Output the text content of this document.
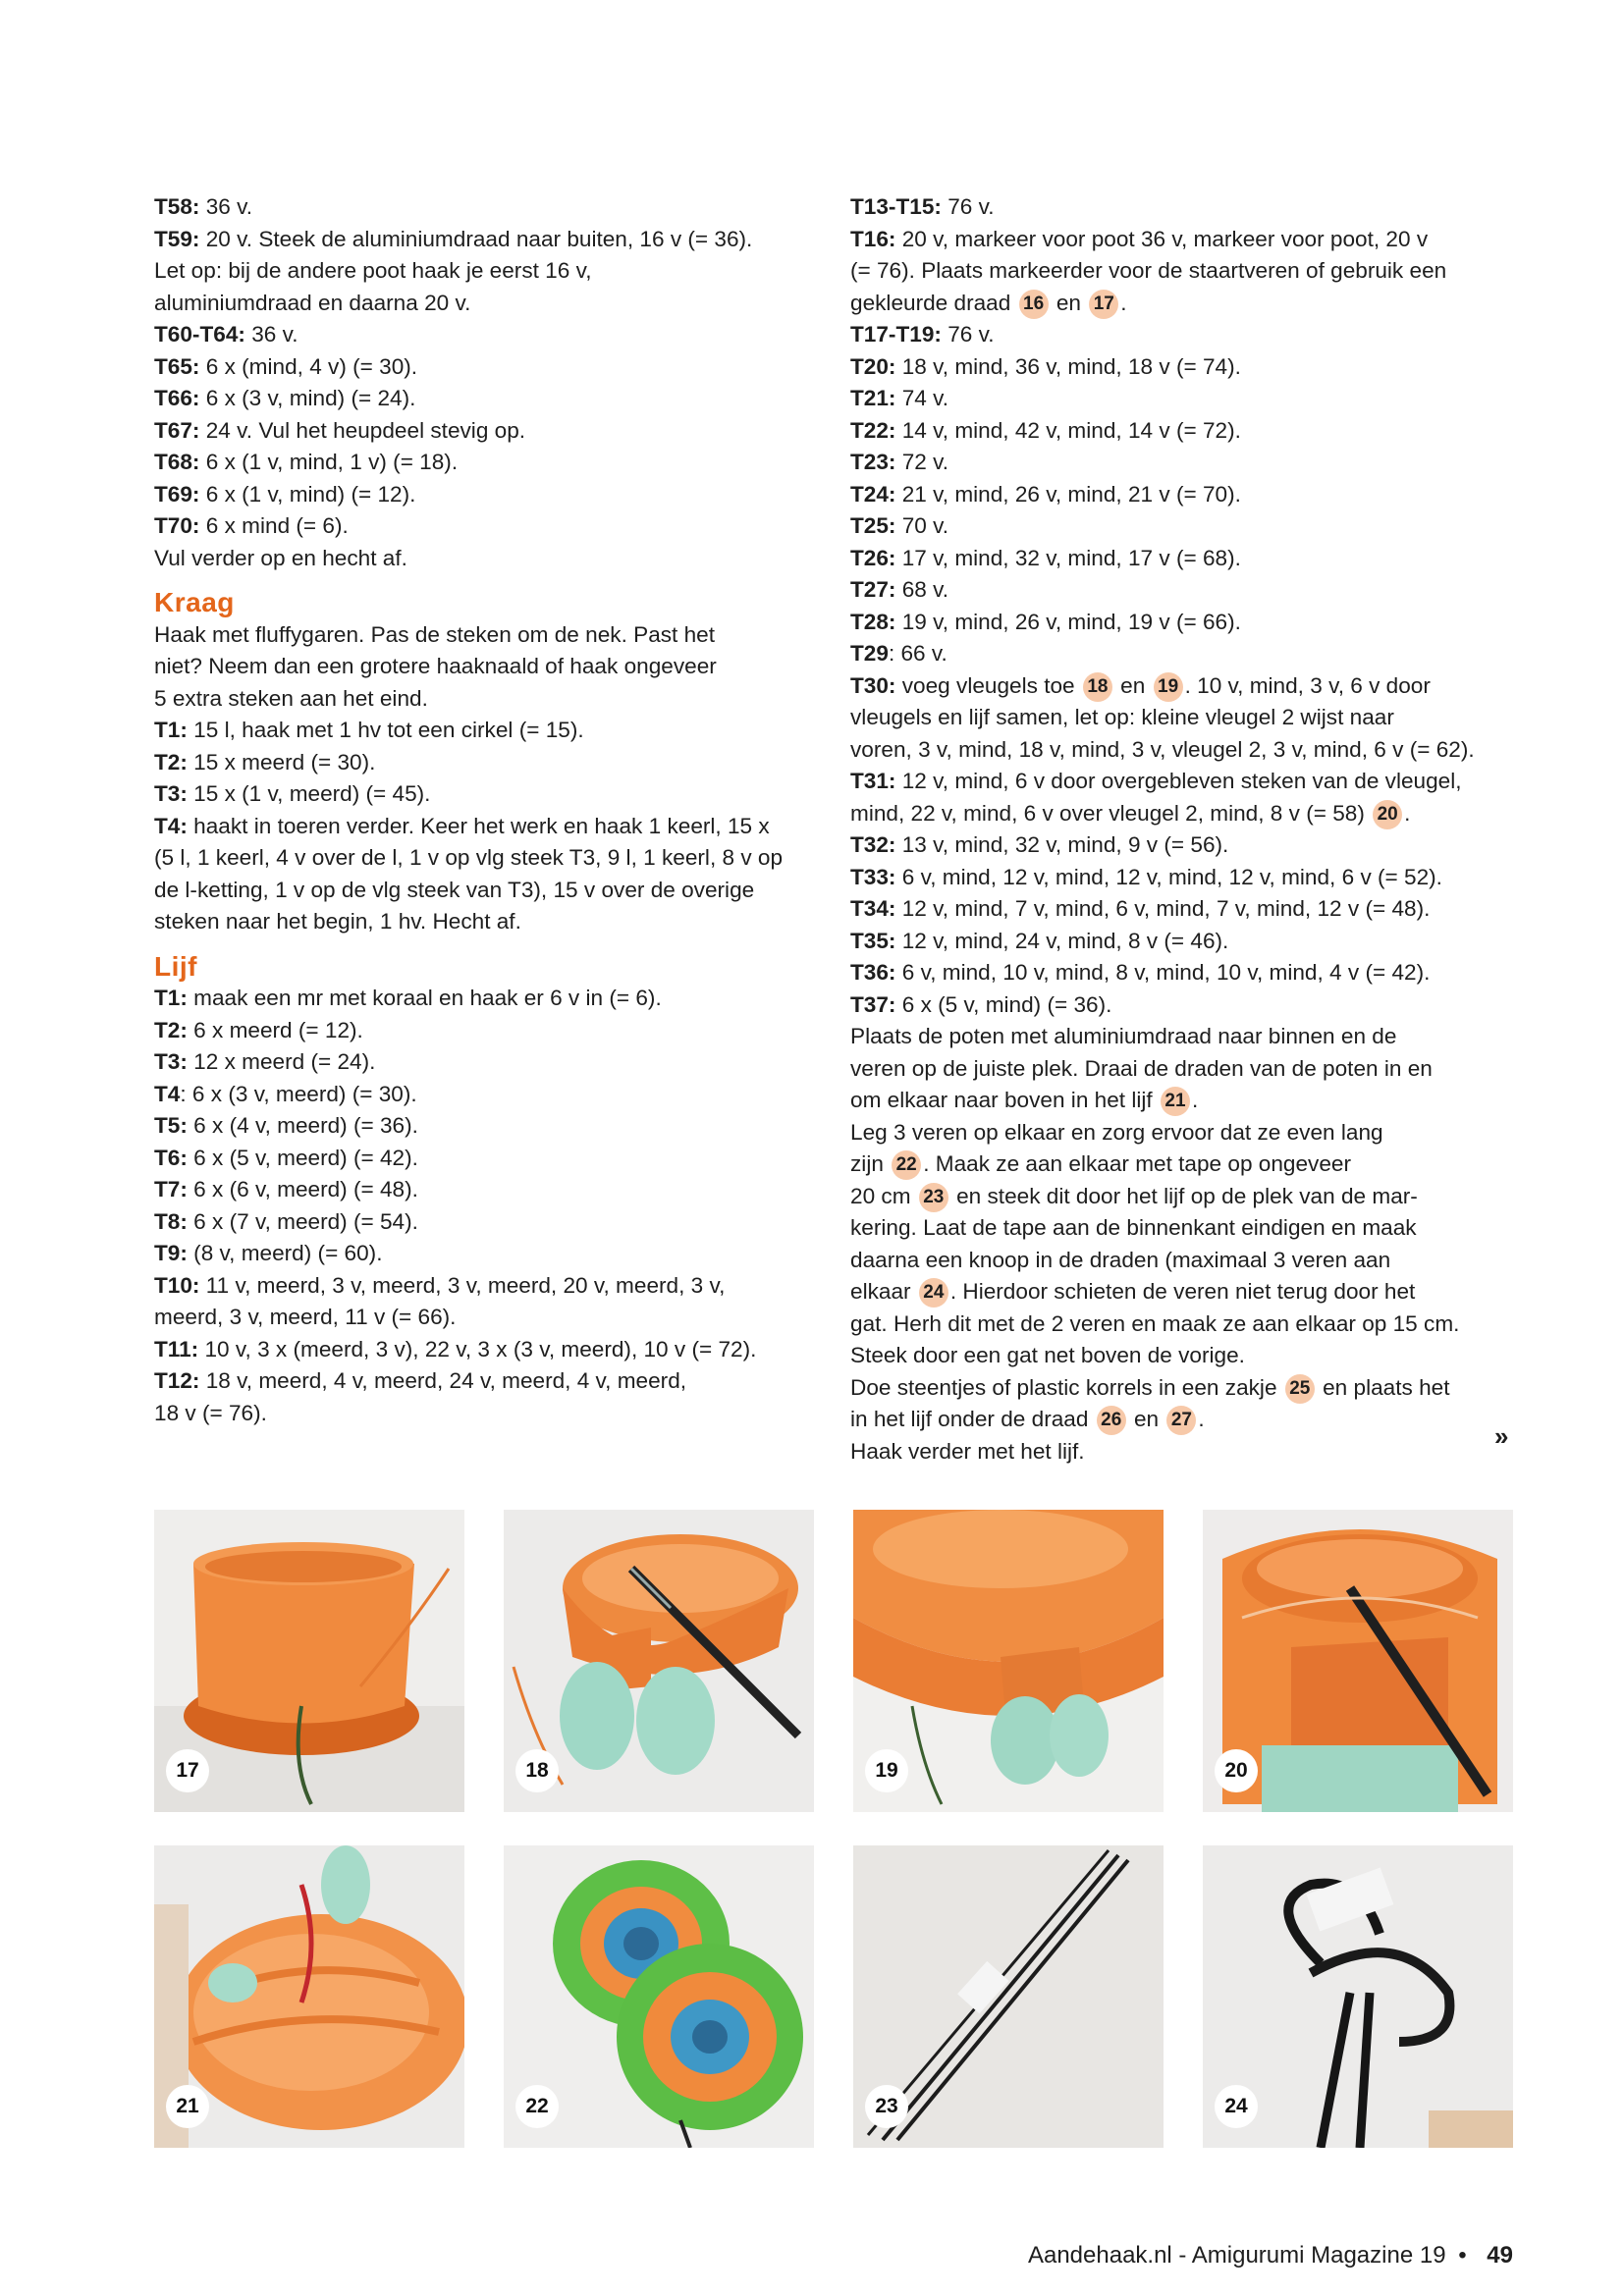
T58: 36 v.
T59: 20 v. Steek de aluminiumdraad naar buiten, 16 v (= 36).
Let op: bij de andere poot haak je eerst 16 v,
aluminiumdraad en daarna 20 v.
T60-T64: 36 v.
T65: 6 x (mind, 4 v) (= 30).
T66: 6 x (3 v, mind) (= 24).
T67: 24 v. Vul het heupdeel stevig op.
T68: 6 x (1 v, mind, 1 v) (= 18).
T69: 6 x (1 v, mind) (= 12).
T70: 6 x mind (= 6).
Vul verder op en hecht af.
Kraag
Haak met fluffygaren. Pas de steken om de nek. Past het
niet? Neem dan een grotere haaknaald of haak ongeveer
5 extra steken aan het eind.
T1: 15 l, haak met 1 hv tot een cirkel (= 15).
T2: 15 x meerd (= 30).
T3: 15 x (1 v, meerd) (= 45).
T4: haakt in toeren verder. Keer het werk en haak 1 keerl, 15 x
(5 l, 1 keerl, 4 v over de l, 1 v op vlg steek T3, 9 l, 1 keerl, 8 v op
de l-ketting, 1 v op de vlg steek van T3), 15 v over de overige
steken naar het begin, 1 hv. Hecht af.
Lijf
T1: maak een mr met koraal en haak er 6 v in (= 6).
T2: 6 x meerd (= 12).
T3: 12 x meerd (= 24).
T4: 6 x (3 v, meerd) (= 30).
T5: 6 x (4 v, meerd) (= 36).
T6: 6 x (5 v, meerd) (= 42).
T7: 6 x (6 v, meerd) (= 48).
T8: 6 x (7 v, meerd) (= 54).
T9: (8 v, meerd) (= 60).
T10: 11 v, meerd, 3 v, meerd, 3 v, meerd, 20 v, meerd, 3 v,
meerd, 3 v, meerd, 11 v (= 66).
T11: 10 v, 3 x (meerd, 3 v), 22 v, 3 x (3 v, meerd), 10 v (= 72).
T12: 18 v, meerd, 4 v, meerd, 24 v, meerd, 4 v, meerd,
18 v (= 76).
T13-T15: 76 v.
T16: 20 v, markeer voor poot 36 v, markeer voor poot, 20 v
(= 76). Plaats markeerder voor de staartveren of gebruik een
gekleurde draad 16 en 17 .
T17-T19: 76 v.
T20: 18 v, mind, 36 v, mind, 18 v (= 74).
T21: 74 v.
T22: 14 v, mind, 42 v, mind, 14 v (= 72).
T23: 72 v.
T24: 21 v, mind, 26 v, mind, 21 v (= 70).
T25: 70 v.
T26: 17 v, mind, 32 v, mind, 17 v (= 68).
T27: 68 v.
T28: 19 v, mind, 26 v, mind, 19 v (= 66).
T29: 66 v.
T30: voeg vleugels toe 18 en 19 . 10 v, mind, 3 v, 6 v door
vleugels en lijf samen, let op: kleine vleugel 2 wijst naar
voren, 3 v, mind, 18 v, mind, 3 v, vleugel 2, 3 v, mind, 6 v (= 62).
T31: 12 v, mind, 6 v door overgebleven steken van de vleugel,
mind, 22 v, mind, 6 v over vleugel 2, mind, 8 v (= 58) 20 .
T32: 13 v, mind, 32 v, mind, 9 v (= 56).
T33: 6 v, mind, 12 v, mind, 12 v, mind, 12 v, mind, 6 v (= 52).
T34: 12 v, mind, 7 v, mind, 6 v, mind, 7 v, mind, 12 v (= 48).
T35: 12 v, mind, 24 v, mind, 8 v (= 46).
T36: 6 v, mind, 10 v, mind, 8 v, mind, 10 v, mind, 4 v (= 42).
T37: 6 x (5 v, mind) (= 36).
Plaats de poten met aluminiumdraad naar binnen en de
veren op de juiste plek. Draai de draden van de poten in en
om elkaar naar boven in het lijf 21 .
Leg 3 veren op elkaar en zorg ervoor dat ze even lang
zijn 22 . Maak ze aan elkaar met tape op ongeveer
20 cm 23 en steek dit door het lijf op de plek van de mar-
kering. Laat de tape aan de binnenkant eindigen en maak
daarna een knoop in de draden (maximaal 3 veren aan
elkaar 24 . Hierdoor schieten de veren niet terug door het
gat. Herh dit met de 2 veren en maak ze aan elkaar op 15 cm.
Steek door een gat net boven de vorige.
Doe steentjes of plastic korrels in een zakje 25 en plaats het
in het lijf onder de draad 26 en 27 .
Haak verder met het lijf.	»
17	18	19	20
21	22	23	24
Aandehaak.nl - Amigurumi Magazine 19 • 49
